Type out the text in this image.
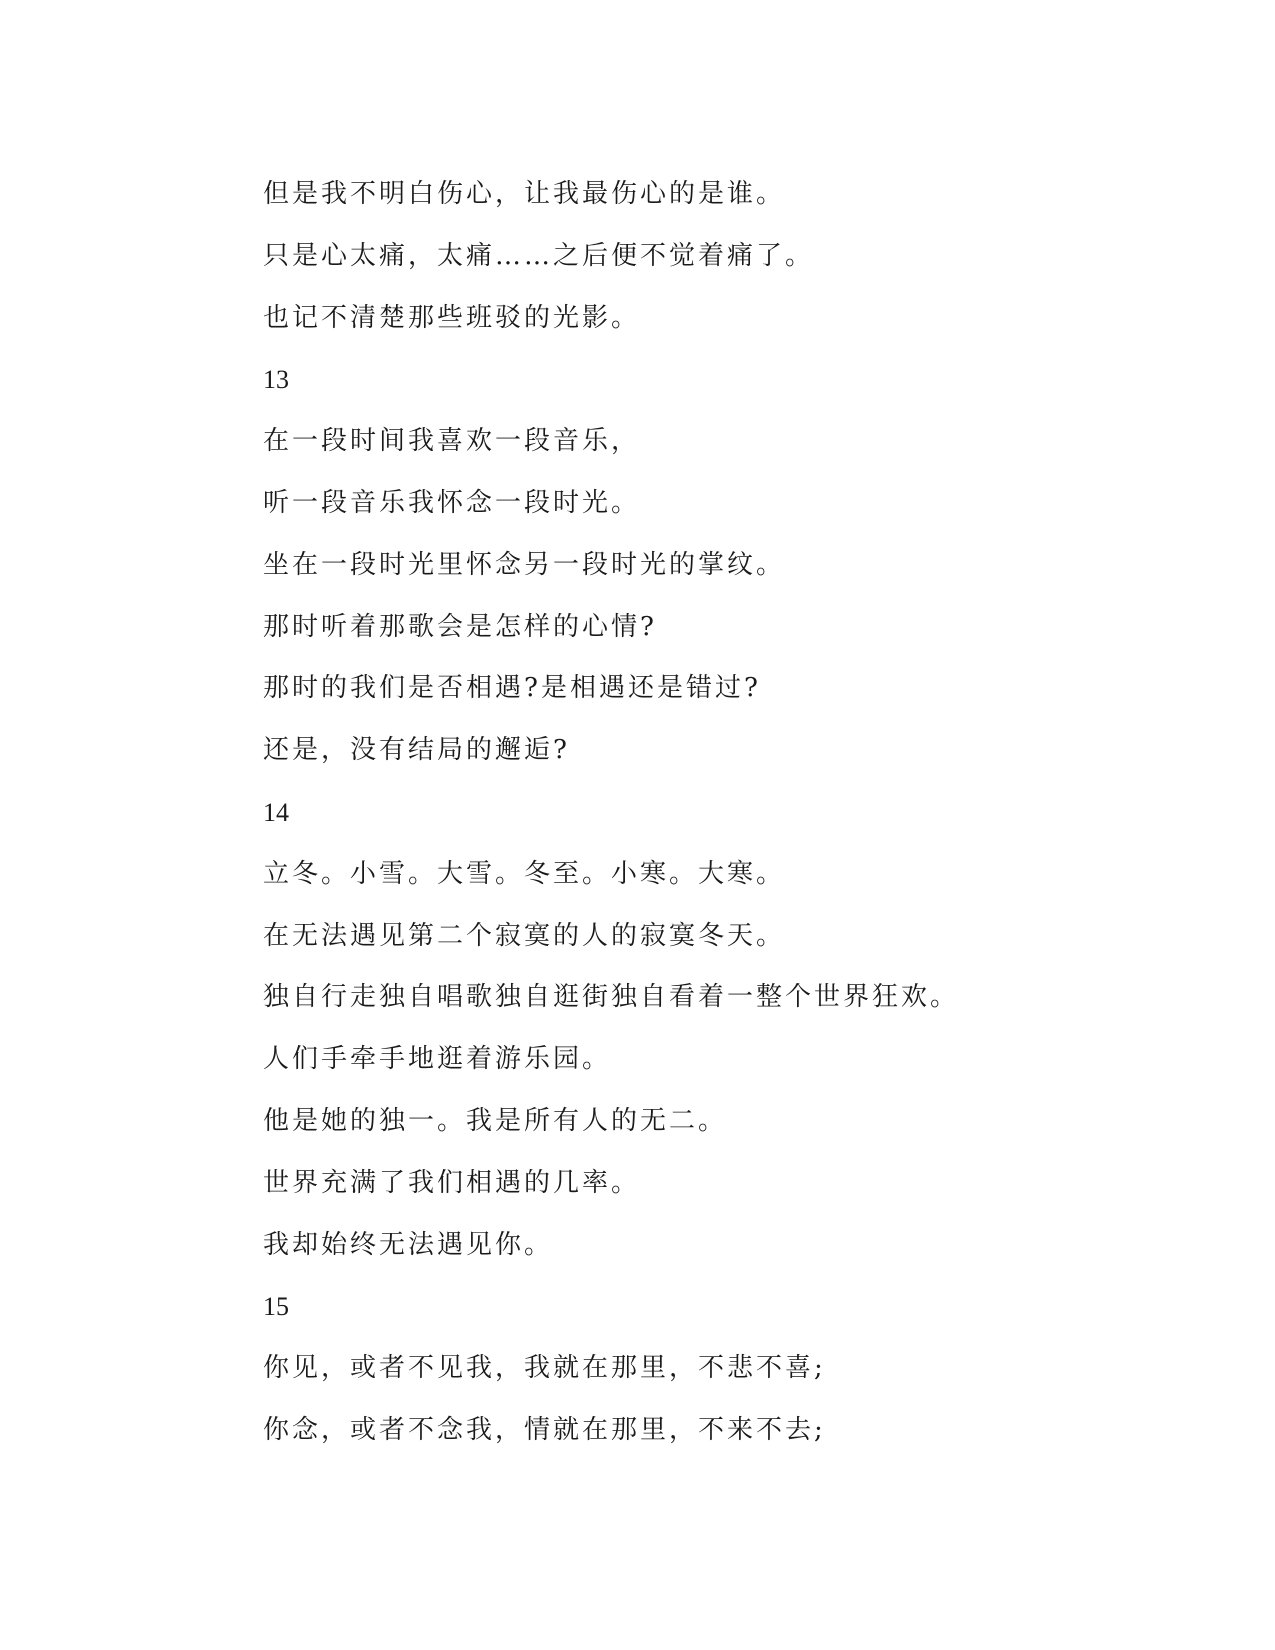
但是我不明白伤心，让我最伤心的是谁。
只是心太痛，太痛……之后便不觉着痛了。
也记不清楚那些班驳的光影。
13
在一段时间我喜欢一段音乐，
听一段音乐我怀念一段时光。
坐在一段时光里怀念另一段时光的掌纹。
那时听着那歌会是怎样的心情?
那时的我们是否相遇?是相遇还是错过?
还是，没有结局的邂逅?
14
立冬。小雪。大雪。冬至。小寒。大寒。
在无法遇见第二个寂寞的人的寂寞冬天。
独自行走独自唱歌独自逛街独自看着一整个世界狂欢。
人们手牵手地逛着游乐园。
他是她的独一。我是所有人的无二。
世界充满了我们相遇的几率。
我却始终无法遇见你。
15
你见，或者不见我，我就在那里，不悲不喜;
你念，或者不念我，情就在那里，不来不去;
